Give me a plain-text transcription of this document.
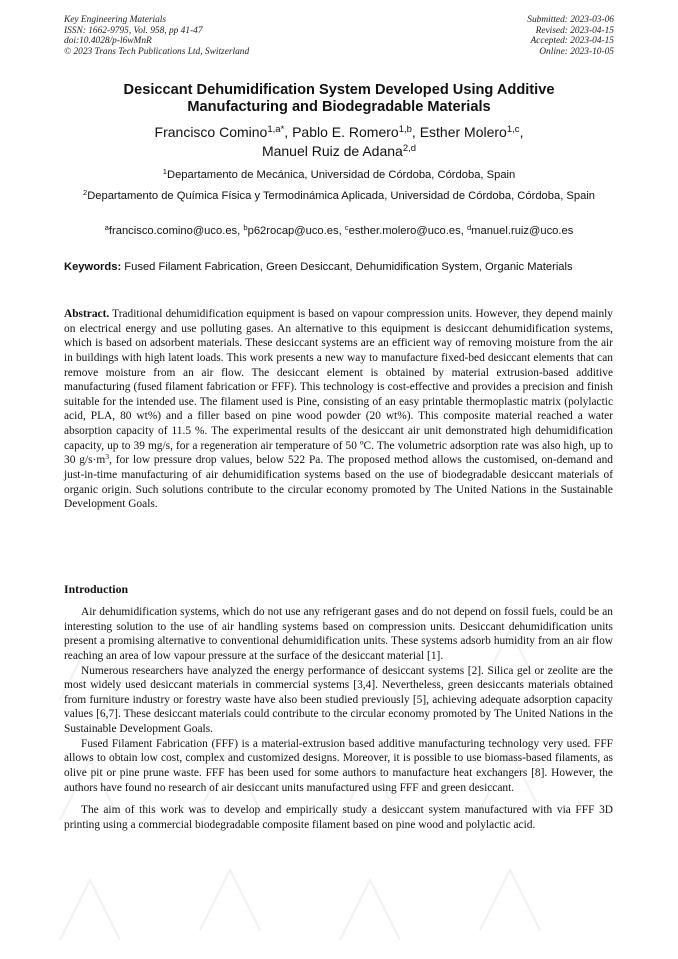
Key Engineering Materials
ISSN: 1662-9795, Vol. 958, pp 41-47
doi:10.4028/p-l6wMnR
© 2023 Trans Tech Publications Ltd, Switzerland
Submitted: 2023-03-06
Revised: 2023-04-15
Accepted: 2023-04-15
Online: 2023-10-05
Desiccant Dehumidification System Developed Using Additive
Manufacturing and Biodegradable Materials
Francisco Comino$^{1,a*}$, Pablo E. Romero$^{1,b}$, Esther Molero$^{1,c}$,
Manuel Ruiz de Adana$^{2,d}$
$^1$Departamento de Mecánica, Universidad de Córdoba, Córdoba, Spain
$^2$Departamento de Química Física y Termodinámica Aplicada, Universidad de Córdoba, Córdoba, Spain
$^a$francisco.comino@uco.es, $^b$p62rocap@uco.es, $^c$esther.molero@uco.es, $^d$manuel.ruiz@uco.es
Keywords: Fused Filament Fabrication, Green Desiccant, Dehumidification System, Organic Materials
Abstract. Traditional dehumidification equipment is based on vapour compression units. However, they depend mainly on electrical energy and use polluting gases. An alternative to this equipment is desiccant dehumidification systems, which is based on adsorbent materials. These desiccant systems are an efficient way of removing moisture from the air in buildings with high latent loads. This work presents a new way to manufacture fixed-bed desiccant elements that can remove moisture from an air flow. The desiccant element is obtained by material extrusion-based additive manufacturing (fused filament fabrication or FFF). This technology is cost-effective and provides a precision and finish suitable for the intended use. The filament used is Pine, consisting of an easy printable thermoplastic matrix (polylactic acid, PLA, 80 wt%) and a filler based on pine wood powder (20 wt%). This composite material reached a water absorption capacity of 11.5 %. The experimental results of the desiccant air unit demonstrated high dehumidification capacity, up to 39 mg/s, for a regeneration air temperature of 50 ºC. The volumetric adsorption rate was also high, up to 30 $g/s\cdot m^3$, for low pressure drop values, below 522 Pa. The proposed method allows the customised, on-demand and just-in-time manufacturing of air dehumidification systems based on the use of biodegradable desiccant materials of organic origin. Such solutions contribute to the circular economy promoted by The United Nations in the Sustainable Development Goals.
Introduction

Air dehumidification systems, which do not use any refrigerant gases and do not depend on fossil fuels, could be an interesting solution to the use of air handling systems based on compression units. Desiccant dehumidification units present a promising alternative to conventional dehumidification units. These systems adsorb humidity from an air flow reaching an area of low vapour pressure at the surface of the desiccant material [1].

Numerous researchers have analyzed the energy performance of desiccant systems [2]. Silica gel or zeolite are the most widely used desiccant materials in commercial systems [3,4]. Nevertheless, green desiccants materials obtained from furniture industry or forestry waste have also been studied previously [5], achieving adequate adsorption capacity values [6,7]. These desiccant materials could contribute to the circular economy promoted by The United Nations in the Sustainable Development Goals.

Fused Filament Fabrication (FFF) is a material-extrusion based additive manufacturing technology very used. FFF allows to obtain low cost, complex and customized designs. Moreover, it is possible to use biomass-based filaments, as olive pit or pine prune waste. FFF has been used for some authors to manufacture heat exchangers [8]. However, the authors have found no research of air desiccant units manufactured using FFF and green desiccant.

The aim of this work was to develop and empirically study a desiccant system manufactured with via FFF 3D printing using a commercial biodegradable composite filament based on pine wood and polylactic acid.
